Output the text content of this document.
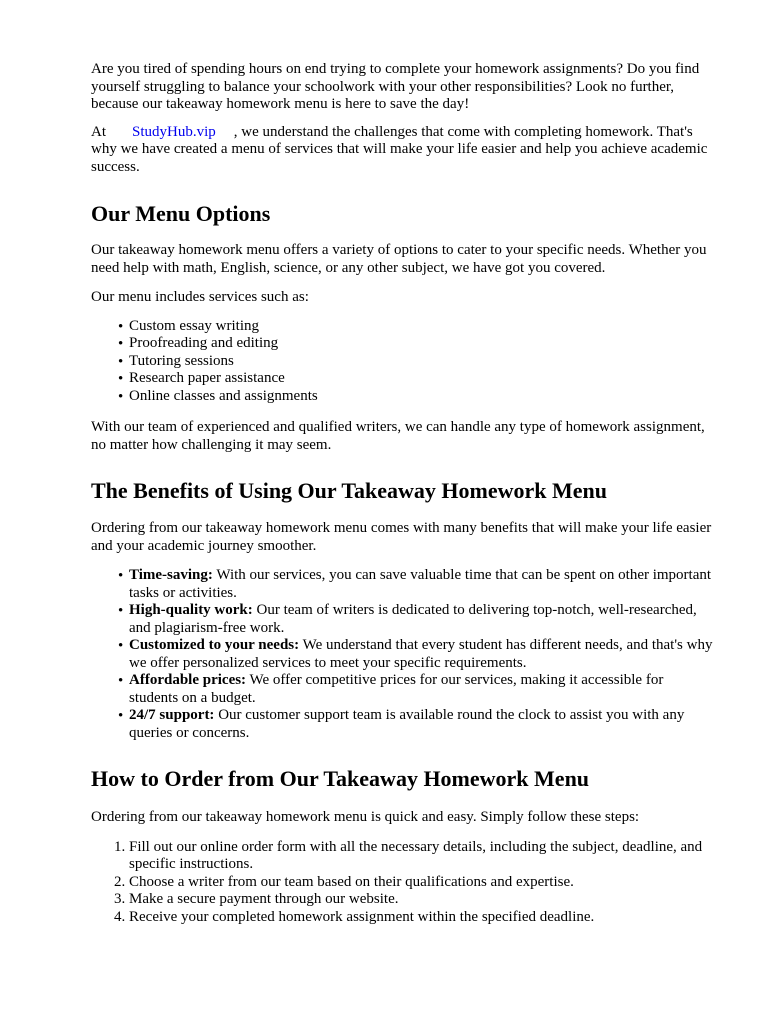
Are you tired of spending hours on end trying to complete your homework assignments? Do you find yourself struggling to balance your schoolwork with your other responsibilities? Look no further, because our takeaway homework menu is here to save the day!

At StudyHub.vip , we understand the challenges that come with completing homework. That's why we have created a menu of services that will make your life easier and help you achieve academic success.

Our Menu Options

Our takeaway homework menu offers a variety of options to cater to your specific needs. Whether you need help with math, English, science, or any other subject, we have got you covered.

Our menu includes services such as:

• Custom essay writing
• Proofreading and editing
• Tutoring sessions
• Research paper assistance
• Online classes and assignments

With our team of experienced and qualified writers, we can handle any type of homework assignment, no matter how challenging it may seem.

The Benefits of Using Our Takeaway Homework Menu

Ordering from our takeaway homework menu comes with many benefits that will make your life easier and your academic journey smoother.

• Time-saving: With our services, you can save valuable time that can be spent on other important tasks or activities.
• High-quality work: Our team of writers is dedicated to delivering top-notch, well-researched, and plagiarism-free work.
• Customized to your needs: We understand that every student has different needs, and that's why we offer personalized services to meet your specific requirements.
• Affordable prices: We offer competitive prices for our services, making it accessible for students on a budget.
• 24/7 support: Our customer support team is available round the clock to assist you with any queries or concerns.
How to Order from Our Takeaway Homework Menu

Ordering from our takeaway homework menu is quick and easy. Simply follow these steps:

1. Fill out our online order form with all the necessary details, including the subject, deadline, and specific instructions.
2. Choose a writer from our team based on their qualifications and expertise.
3. Make a secure payment through our website.
4. Receive your completed homework assignment within the specified deadline.
